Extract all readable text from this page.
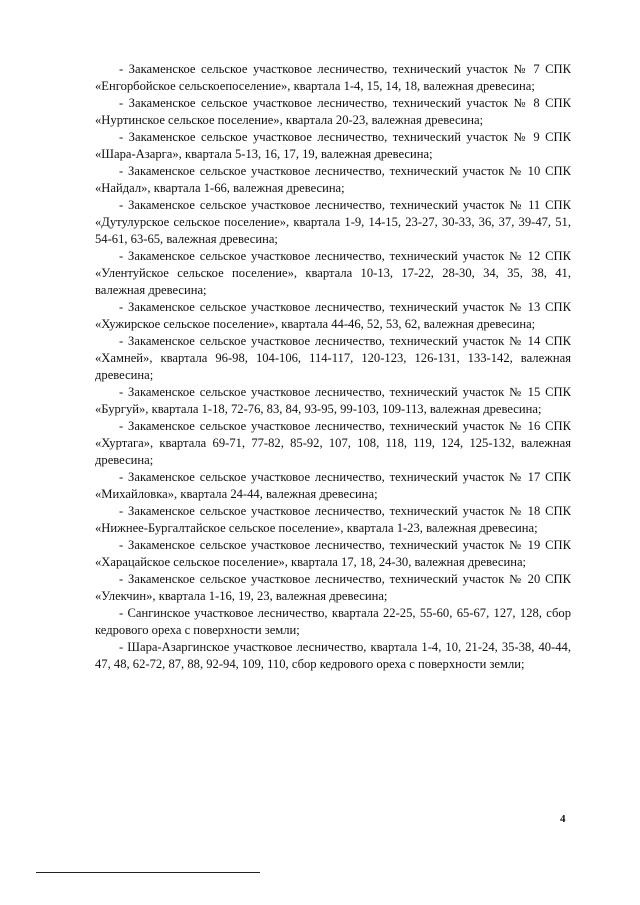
- Закаменское сельское участковое лесничество, технический участок № 7 СПК «Енгорбойское сельскоепоселение», квартала 1-4, 15, 14, 18, валежная древесина;

- Закаменское сельское участковое лесничество, технический участок № 8 СПК «Нуртинское сельское поселение», квартала 20-23, валежная древесина;

- Закаменское сельское участковое лесничество, технический участок № 9 СПК «Шара-Азарга», квартала 5-13, 16, 17, 19, валежная древесина;

- Закаменское сельское участковое лесничество, технический участок № 10 СПК «Найдал», квартала 1-66, валежная древесина;

- Закаменское сельское участковое лесничество, технический участок № 11 СПК «Дутулурское сельское поселение», квартала 1-9, 14-15, 23-27, 30-33, 36, 37, 39-47, 51, 54-61, 63-65, валежная древесина;

- Закаменское сельское участковое лесничество, технический участок № 12 СПК «Улентуйское сельское поселение», квартала 10-13, 17-22, 28-30, 34, 35, 38, 41, валежная древесина;

- Закаменское сельское участковое лесничество, технический участок № 13 СПК «Хужирское сельское поселение», квартала 44-46, 52, 53, 62, валежная древесина;

- Закаменское сельское участковое лесничество, технический участок № 14 СПК «Хамней», квартала 96-98, 104-106, 114-117, 120-123, 126-131, 133-142, валежная древесина;

- Закаменское сельское участковое лесничество, технический участок № 15 СПК «Бургуй», квартала 1-18, 72-76, 83, 84, 93-95, 99-103, 109-113, валежная древесина;

- Закаменское сельское участковое лесничество, технический участок № 16 СПК «Хуртага», квартала 69-71, 77-82, 85-92, 107, 108, 118, 119, 124, 125-132, валежная древесина;

- Закаменское сельское участковое лесничество, технический участок № 17 СПК «Михайловка», квартала 24-44, валежная древесина;

- Закаменское сельское участковое лесничество, технический участок № 18 СПК «Нижнее-Бургалтайское сельское поселение», квартала 1-23, валежная древесина;

- Закаменское сельское участковое лесничество, технический участок № 19 СПК «Харацайское сельское поселение», квартала 17, 18, 24-30, валежная древесина;

- Закаменское сельское участковое лесничество, технический участок № 20 СПК «Улекчин», квартала 1-16, 19, 23, валежная древесина;

- Сангинское участковое лесничество, квартала 22-25, 55-60, 65-67, 127, 128, сбор кедрового ореха с поверхности земли;

- Шара-Азаргинское участковое лесничество, квартала 1-4, 10, 21-24, 35-38, 40-44, 47, 48, 62-72, 87, 88, 92-94, 109, 110, сбор кедрового ореха с поверхности земли;

4
